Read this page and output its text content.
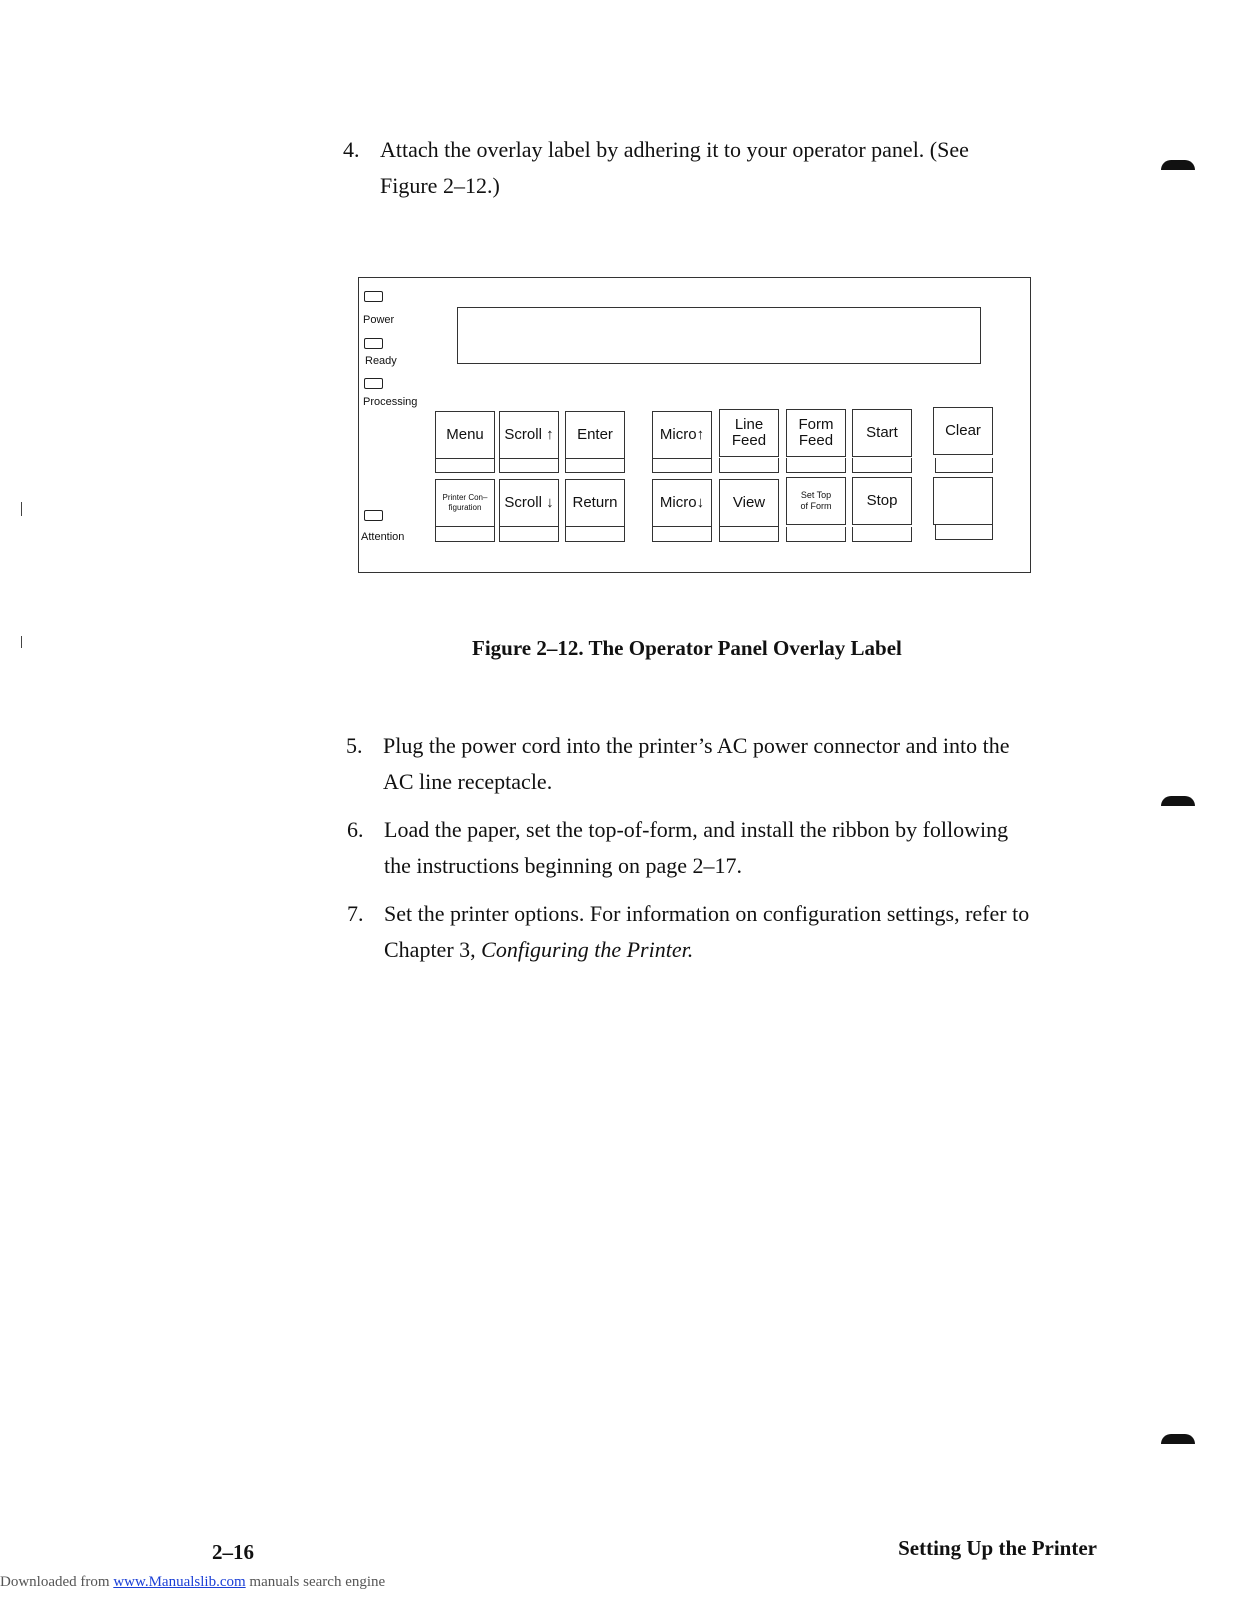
4. Attach the overlay label by adhering it to your operator panel. (See
Figure 2–12.)
Power
Ready
Processing
Attention
Menu Scroll ↑ Enter	Micro↑
Line
Feed
Form
Feed Start	Clear
Printer Con–
figuration	Scroll ↓ Return	Micro↓ View	Set Top
of Form Stop
Figure 2–12. The Operator Panel Overlay Label
5. Plug the power cord into the printer’s AC power connector and into the
AC line receptacle.
6. Load the paper, set the top-of-form, and install the ribbon by following
the instructions beginning on page 2–17.
7. Set the printer options. For information on configuration settings, refer to
Chapter 3, Configuring the Printer.
2–16	Setting Up the Printer
Downloaded from www.Manualslib.com manuals search engine
